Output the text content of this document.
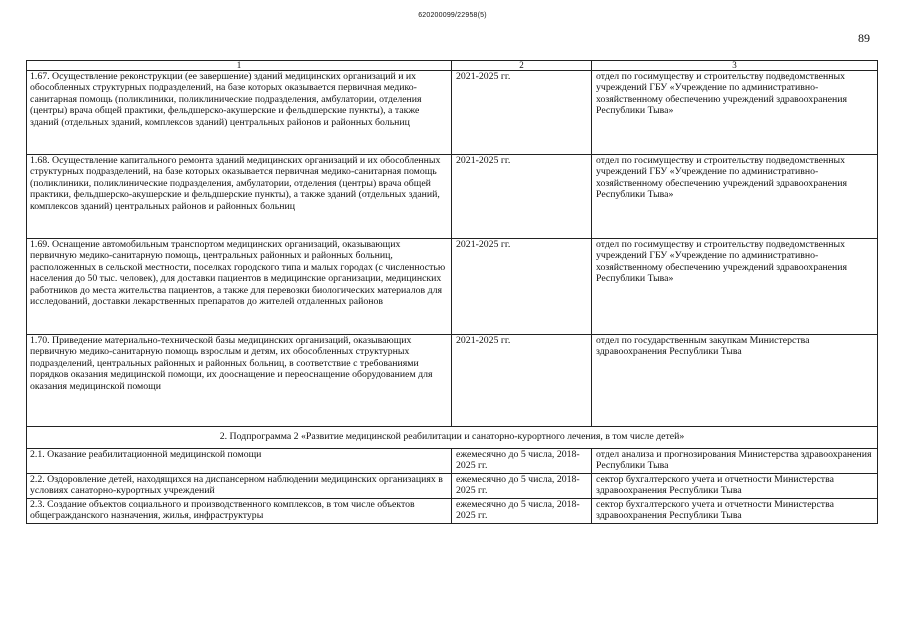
620200099/22958(5)
89
1	2	3
1.67. Осуществление реконструкции (ее завершение) зданий медицинских организаций и их обособленных структурных подразделений, на базе которых оказывается первичная медико-санитарная помощь (поликлиники, поликлинические подразделения, амбулатории, отделения (центры) врача общей практики, фельдшерско-акушерские и фельдшерские пункты), а также зданий (отдельных зданий, комплексов зданий) центральных районов и районных больниц	2021-2025 гг.	отдел по госимуществу и строительству подведомственных учреждений ГБУ «Учреждение по административно-хозяйственному обеспечению учреждений здравоохранения Республики Тыва»
1.68. Осуществление капитального ремонта зданий медицинских организаций и их обособленных структурных подразделений, на базе которых оказывается первичная медико-санитарная помощь (поликлиники, поликлинические подразделения, амбулатории, отделения (центры) врача общей практики, фельдшерско-акушерские и фельдшерские пункты), а также зданий (отдельных зданий, комплексов зданий) центральных районов и районных больниц	2021-2025 гг.	отдел по госимуществу и строительству подведомственных учреждений ГБУ «Учреждение по административно-хозяйственному обеспечению учреждений здравоохранения Республики Тыва»
1.69. Оснащение автомобильным транспортом медицинских организаций, оказывающих первичную медико-санитарную помощь, центральных районных и районных больниц, расположенных в сельской местности, поселках городского типа и малых городах (с численностью населения до 50 тыс. человек), для доставки пациентов в медицинские организации, медицинских работников до места жительства пациентов, а также для перевозки биологических материалов для исследований, доставки лекарственных препаратов до жителей отдаленных районов	2021-2025 гг.	отдел по госимуществу и строительству подведомственных учреждений ГБУ «Учреждение по административно-хозяйственному обеспечению учреждений здравоохранения Республики Тыва»
1.70. Приведение материально-технической базы медицинских организаций, оказывающих первичную медико-санитарную помощь взрослым и детям, их обособленных структурных подразделений, центральных районных и районных больниц, в соответствие с требованиями порядков оказания медицинской помощи, их дооснащение и переоснащение оборудованием для оказания медицинской помощи	2021-2025 гг.	отдел по государственным закупкам Министерства здравоохранения Республики Тыва
2. Подпрограмма 2 «Развитие медицинской реабилитации и санаторно-курортного лечения, в том числе детей»		
2.1. Оказание реабилитационной медицинской помощи	ежемесячно до 5 числа, 2018-2025 гг.	отдел анализа и прогнозирования Министерства здравоохранения Республики Тыва
2.2. Оздоровление детей, находящихся на диспансерном наблюдении медицинских организациях в условиях санаторно-курортных учреждений	ежемесячно до 5 числа, 2018-2025 гг.	сектор бухгалтерского учета и отчетности Министерства здравоохранения Республики Тыва
2.3. Создание объектов социального и производственного комплексов, в том числе объектов общегражданского назначения, жилья, инфраструктуры	ежемесячно до 5 числа, 2018-2025 гг.	сектор бухгалтерского учета и отчетности Министерства здравоохранения Республики Тыва
